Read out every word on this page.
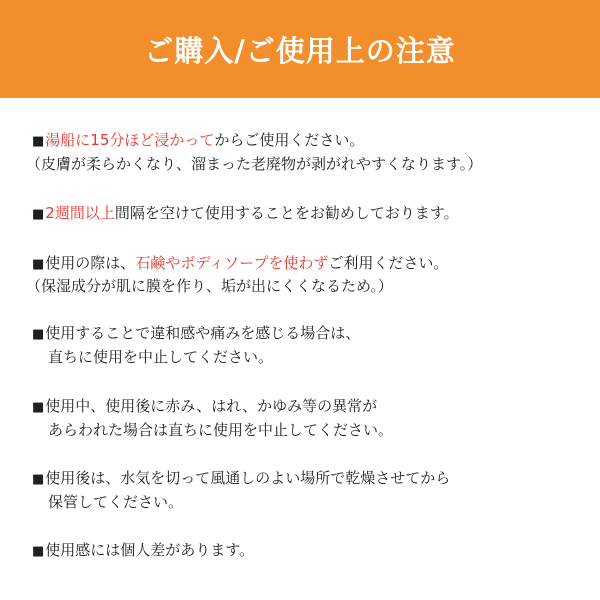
ご購入/ご使用上の注意
■湯船に15分ほど浸かってからご使用ください。
（皮膚が柔らかくなり、溜まった老廃物が剥がれやすくなります。）
■2週間以上間隔を空けて使用することをお勧めしております。
■使用の際は、石鹸やボディソープを使わずご利用ください。
（保湿成分が肌に膜を作り、垢が出にくくなるため。）
■使用することで違和感や痛みを感じる場合は、
直ちに使用を中止してください。
■使用中、使用後に赤み、はれ、かゆみ等の異常が
あらわれた場合は直ちに使用を中止してください。
■使用後は、水気を切って風通しのよい場所で乾燥させてから
保管してください。
■使用感には個人差があります。
